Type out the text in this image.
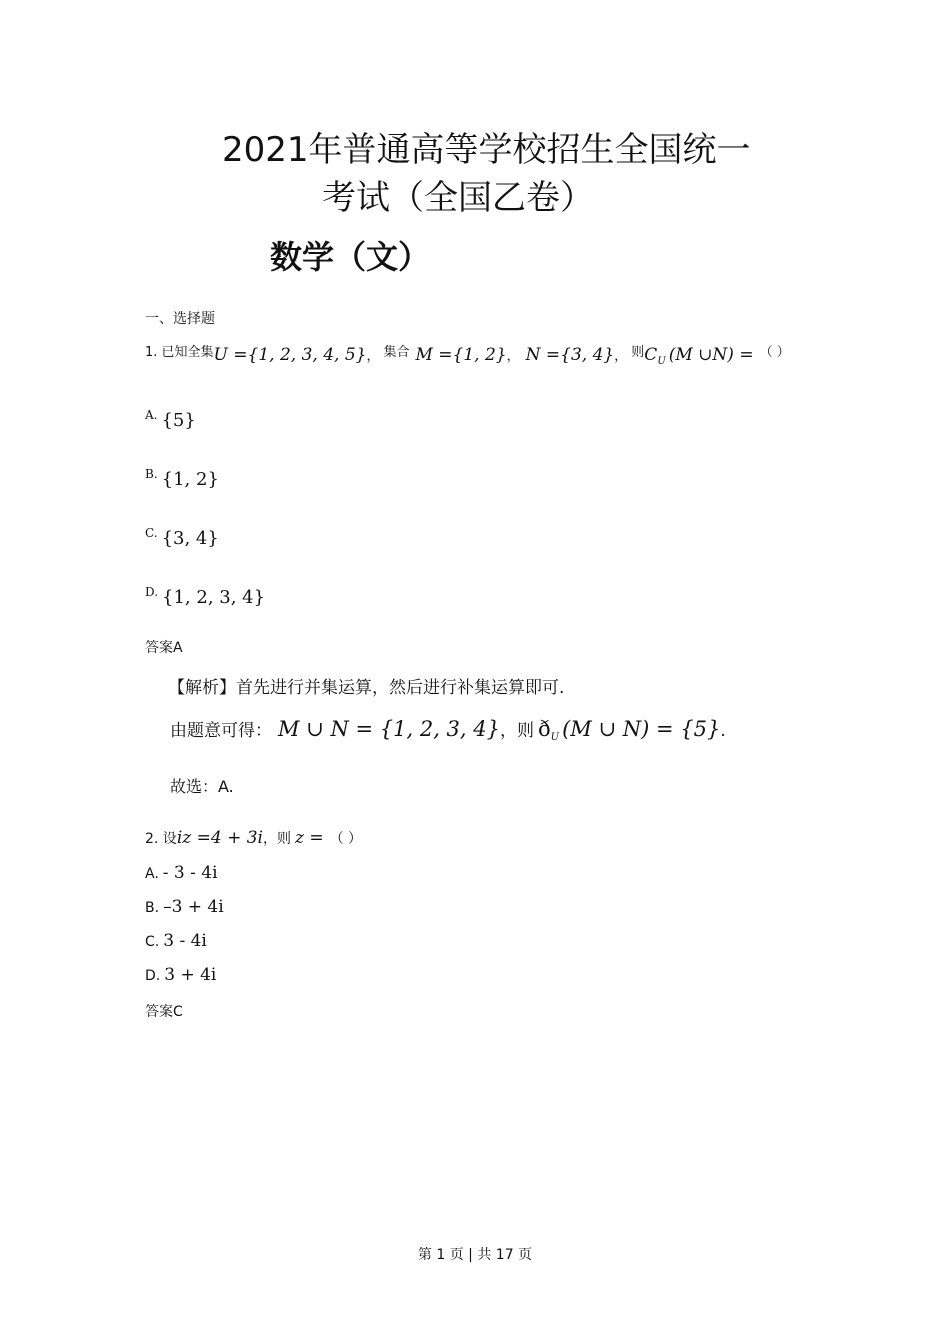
2021年普通高等学校招生全国统一
考试（全国乙卷）
数学（文）
一、选择题
$^{1. 已知全集}$U ={1, 2, 3, 4, 5}， $^{集合}$ M ={1, 2}， N ={3, 4}， $^则C_U$ (M ∪N) = （ ）
$^{A.}$ {5}
$^{B.}$ {1, 2}
$^{C.}$ {3, 4}
$^{D.}$ {1, 2, 3, 4}
答案A
【解析】首先进行并集运算，然后进行补集运算即可.
由题意可得： M ∪ N = {1, 2, 3, 4}，则 $ð_U$ (M ∪ N) = {5}.
故选：A.
2. 设iz =4 + 3i，则 z = （ ）
A. - 3 - 4i
B. –3 + 4i
C. 3 - 4i
D. 3 + 4i
答案C
第 1 页 | 共 17 页
